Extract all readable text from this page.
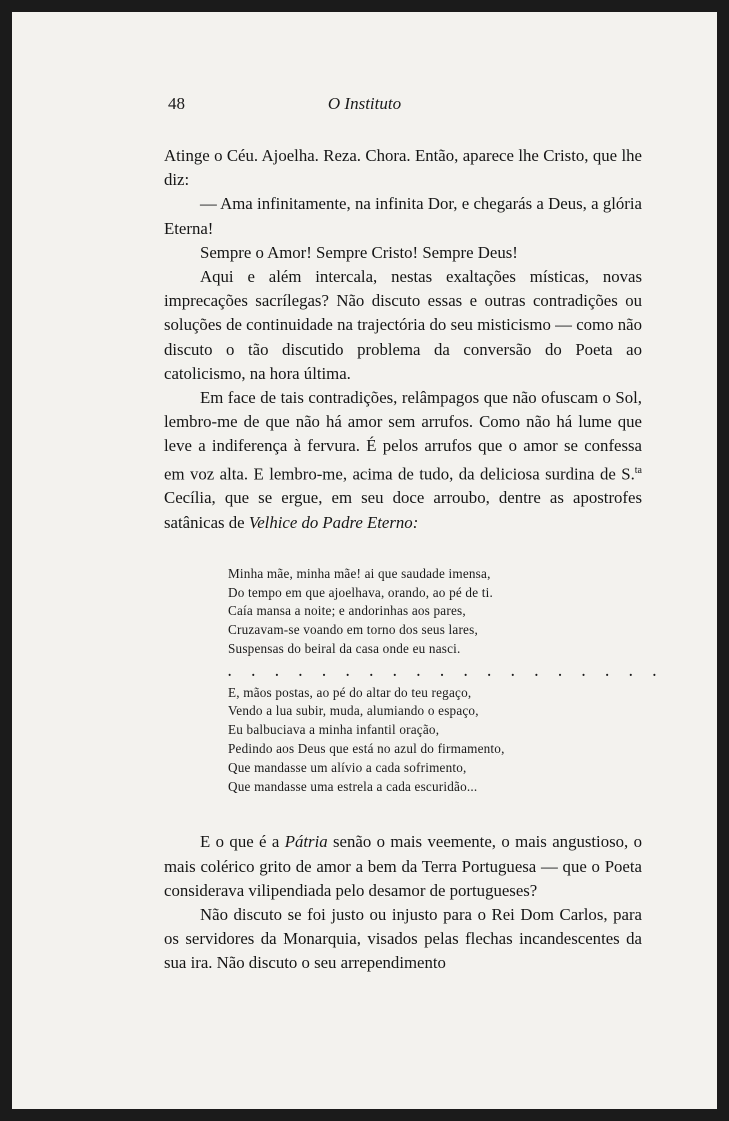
48	O Instituto

Atinge o Céu. Ajoelha. Reza. Chora. Então, aparece lhe Cristo, que lhe diz:

— Ama infinitamente, na infinita Dor, e chegarás a Deus, a glória Eterna!

Sempre o Amor! Sempre Cristo! Sempre Deus!

Aqui e além intercala, nestas exaltações místicas, novas imprecações sacrílegas? Não discuto essas e outras contradições ou soluções de continuidade na trajectória do seu misticismo — como não discuto o tão discutido problema da conversão do Poeta ao catolicismo, na hora última.

Em face de tais contradições, relâmpagos que não ofuscam o Sol, lembro-me de que não há amor sem arrufos. Como não há lume que leve a indiferença à fervura. É pelos arrufos que o amor se confessa em voz alta. E lembro-me, acima de tudo, da deliciosa surdina de S.$^{ta}$ Cecília, que se ergue, em seu doce arroubo, dentre as apostrofes satânicas de Velhice do Padre Eterno:

Minha mãe, minha mãe! ai que saudade imensa,
Do tempo em que ajoelhava, orando, ao pé de ti.
Caía mansa a noite; e andorinhas aos pares,
Cruzavam-se voando em torno dos seus lares,
Suspensas do beiral da casa onde eu nasci.
. . . . . . . . . . . . . . . . . . .
E, mãos postas, ao pé do altar do teu regaço,
Vendo a lua subir, muda, alumiando o espaço,
Eu balbuciava a minha infantil oração,
Pedindo aos Deus que está no azul do firmamento,
Que mandasse um alívio a cada sofrimento,
Que mandasse uma estrela a cada escuridão...

E o que é a Pátria senão o mais veemente, o mais angustioso, o mais colérico grito de amor a bem da Terra Portuguesa — que o Poeta considerava vilipendiada pelo desamor de portugueses?

Não discuto se foi justo ou injusto para o Rei Dom Carlos, para os servidores da Monarquia, visados pelas flechas incandescentes da sua ira. Não discuto o seu arrependimento
